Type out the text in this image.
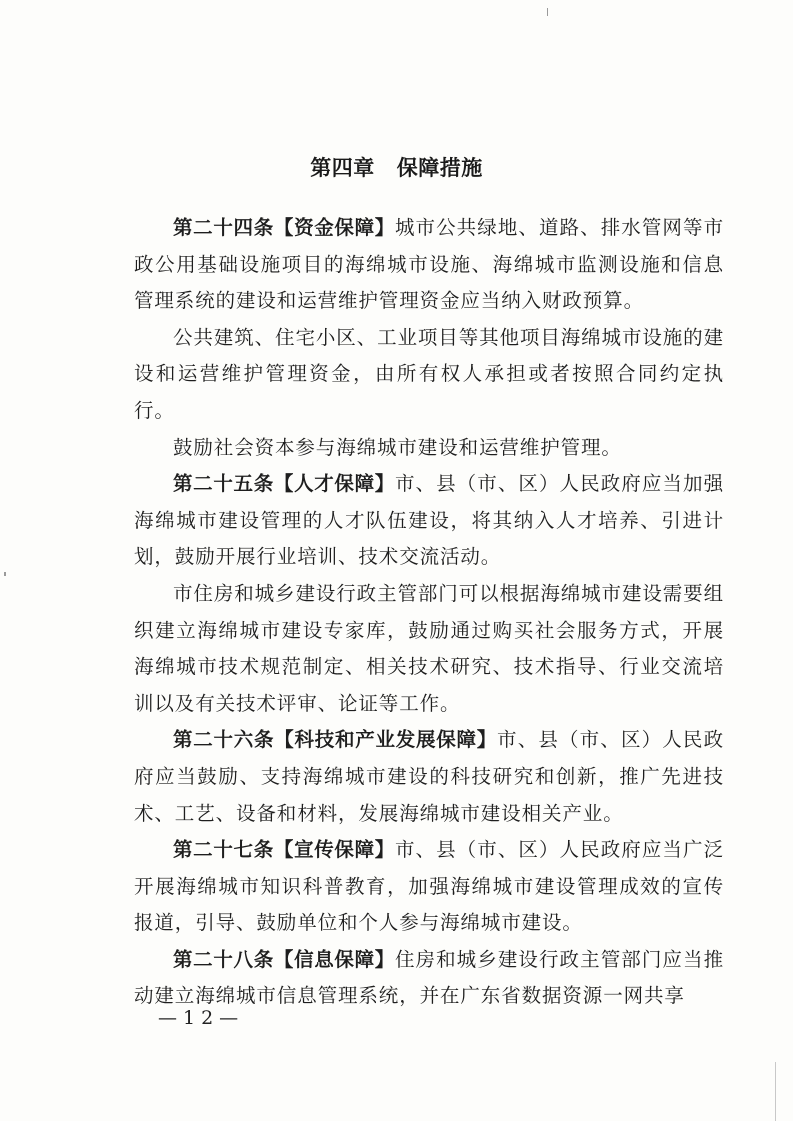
第四章 保障措施

第二十四条【资金保障】城市公共绿地、道路、排水管网等市政公用基础设施项目的海绵城市设施、海绵城市监测设施和信息管理系统的建设和运营维护管理资金应当纳入财政预算。

公共建筑、住宅小区、工业项目等其他项目海绵城市设施的建设和运营维护管理资金，由所有权人承担或者按照合同约定执行。

鼓励社会资本参与海绵城市建设和运营维护管理。

第二十五条【人才保障】市、县（市、区）人民政府应当加强海绵城市建设管理的人才队伍建设，将其纳入人才培养、引进计划，鼓励开展行业培训、技术交流活动。

市住房和城乡建设行政主管部门可以根据海绵城市建设需要组织建立海绵城市建设专家库，鼓励通过购买社会服务方式，开展海绵城市技术规范制定、相关技术研究、技术指导、行业交流培训以及有关技术评审、论证等工作。

第二十六条【科技和产业发展保障】市、县（市、区）人民政府应当鼓励、支持海绵城市建设的科技研究和创新，推广先进技术、工艺、设备和材料，发展海绵城市建设相关产业。

第二十七条【宣传保障】市、县（市、区）人民政府应当广泛开展海绵城市知识科普教育，加强海绵城市建设管理成效的宣传报道，引导、鼓励单位和个人参与海绵城市建设。

第二十八条【信息保障】住房和城乡建设行政主管部门应当推动建立海绵城市信息管理系统，并在广东省数据资源一网共享

—12—
